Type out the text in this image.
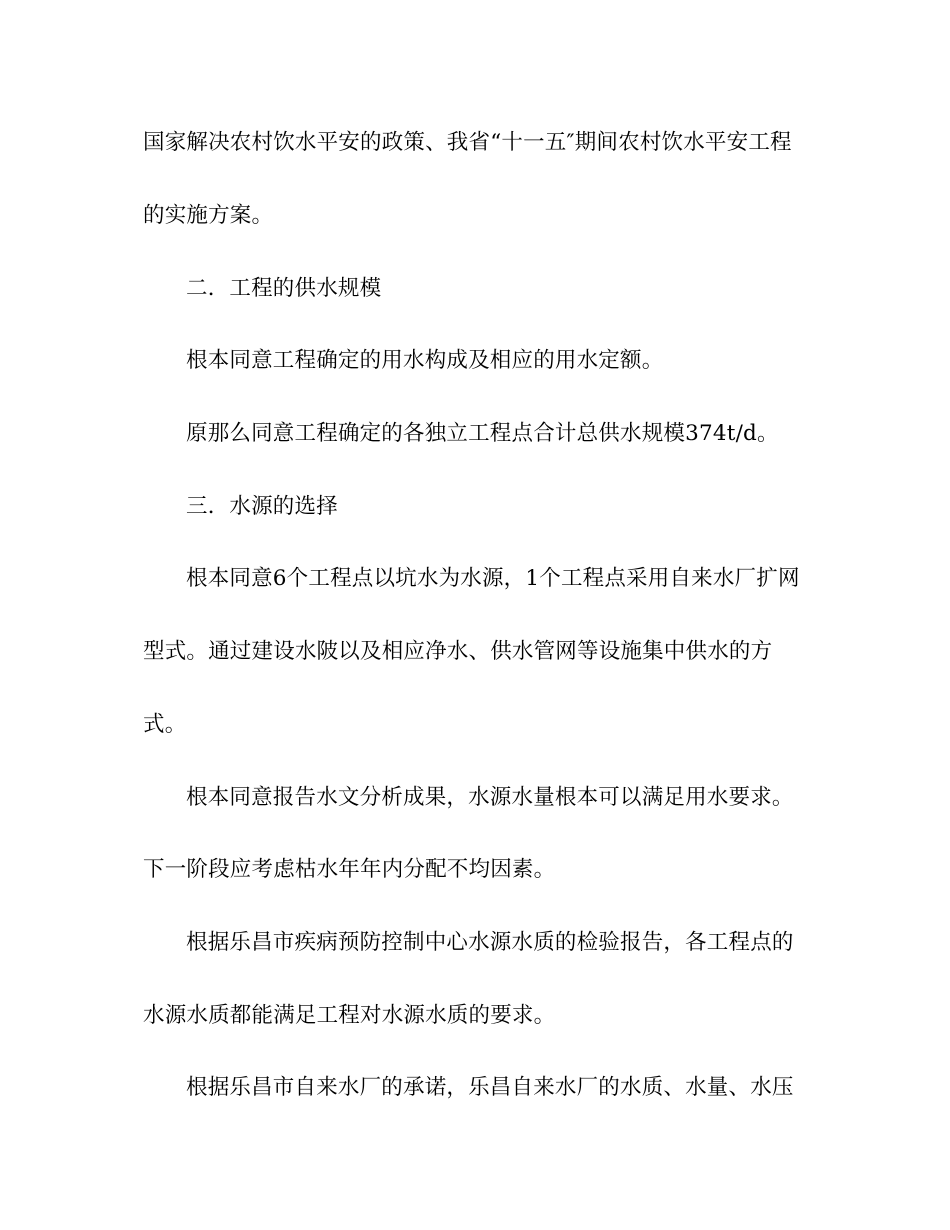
国家解决农村饮水平安的政策、我省“十一五″期间农村饮水平安工程
的实施方案。
二．工程的供水规模
根本同意工程确定的用水构成及相应的用水定额。
原那么同意工程确定的各独立工程点合计总供水规模374t/d。
三．水源的选择
根本同意6个工程点以坑水为水源，1个工程点采用自来水厂扩网
型式。通过建设水陂以及相应净水、供水管网等设施集中供水的方
式。
根本同意报告水文分析成果，水源水量根本可以满足用水要求。
下一阶段应考虑枯水年年内分配不均因素。
根据乐昌市疾病预防控制中心水源水质的检验报告，各工程点的
水源水质都能满足工程对水源水质的要求。
根据乐昌市自来水厂的承诺，乐昌自来水厂的水质、水量、水压
